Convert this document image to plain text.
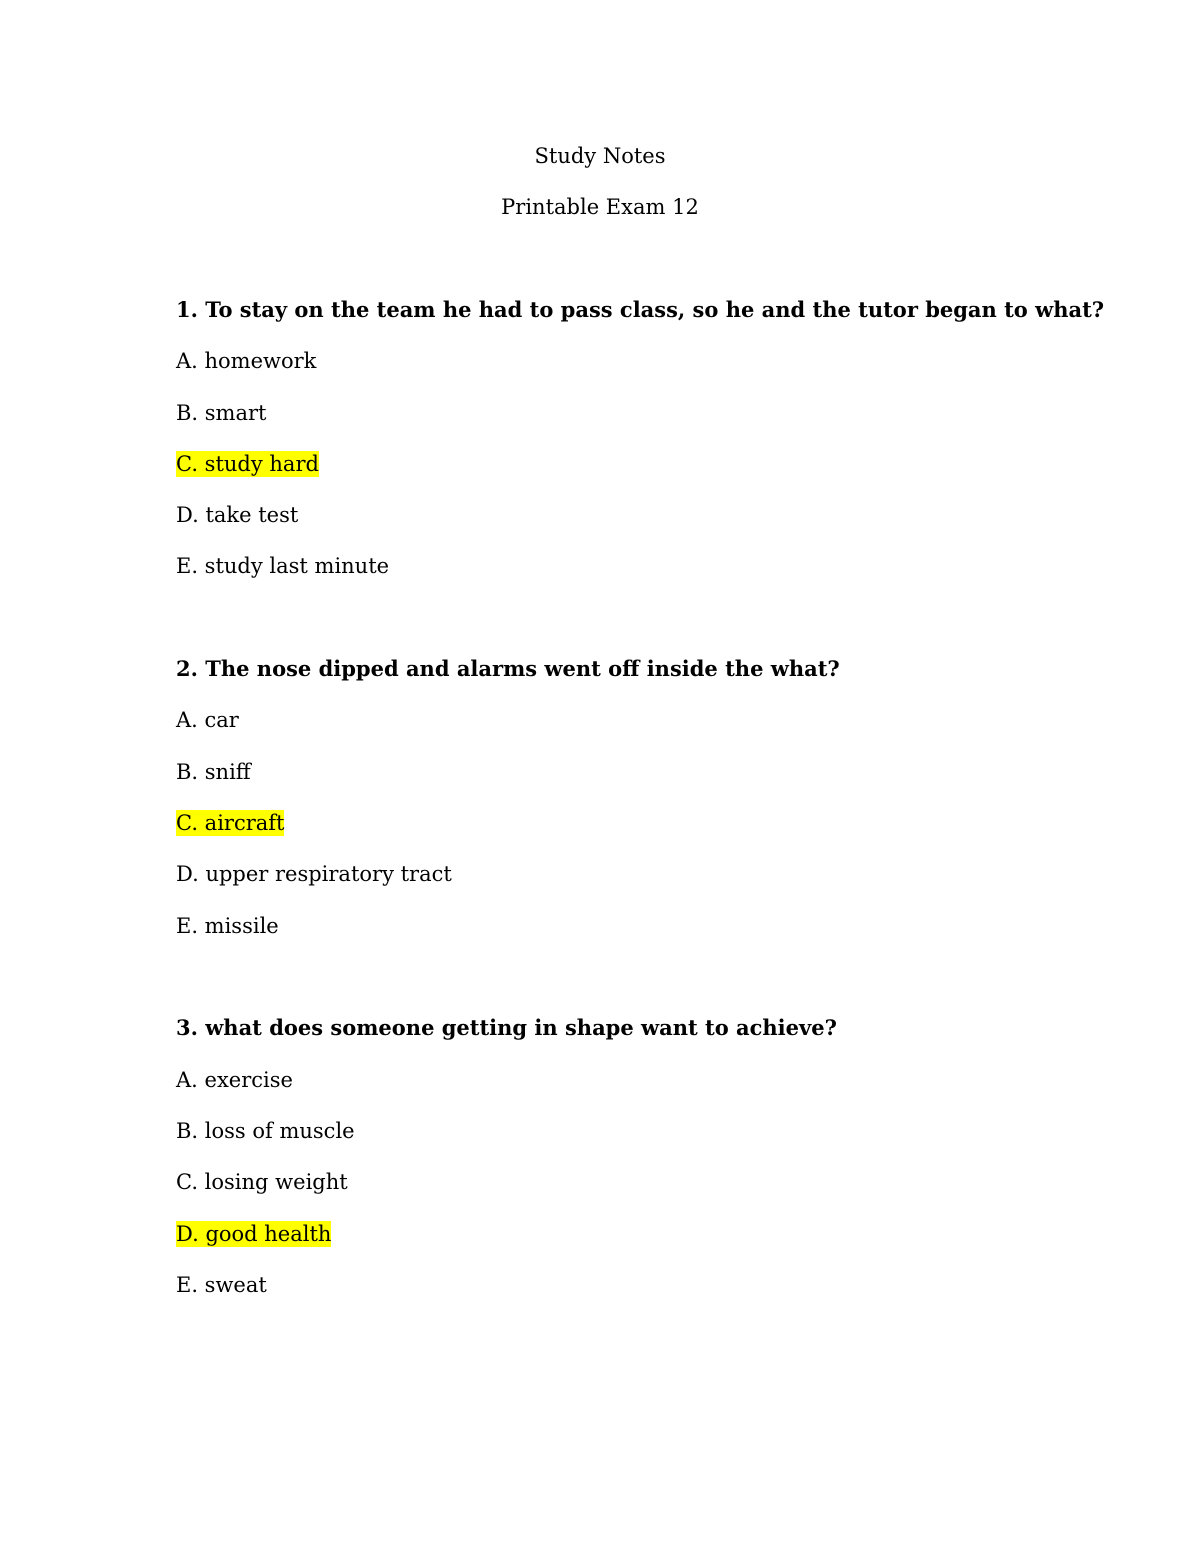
Study Notes
Printable Exam 12
1. To stay on the team he had to pass class, so he and the tutor began to what?
A. homework
B. smart
C. study hard
D. take test
E. study last minute
2. The nose dipped and alarms went off inside the what?
A. car
B. sniff
C. aircraft
D. upper respiratory tract
E. missile
3. what does someone getting in shape want to achieve?
A. exercise
B. loss of muscle
C. losing weight
D. good health
E. sweat
